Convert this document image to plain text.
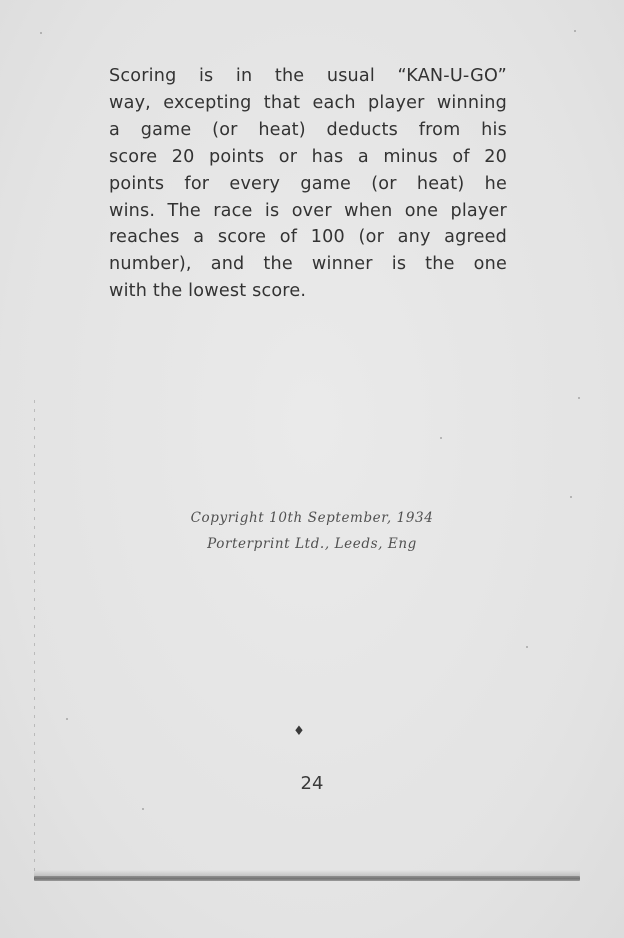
Scoring is in the usual “KAN-U-GO”
way, excepting that each player winning
a game (or heat) deducts from his
score 20 points or has a minus of 20
points for every game (or heat) he
wins. The race is over when one player
reaches a score of 100 (or any agreed
number), and the winner is the one
with the lowest score.
Copyright 10th September, 1934
Porterprint Ltd., Leeds, Eng
♦
24
